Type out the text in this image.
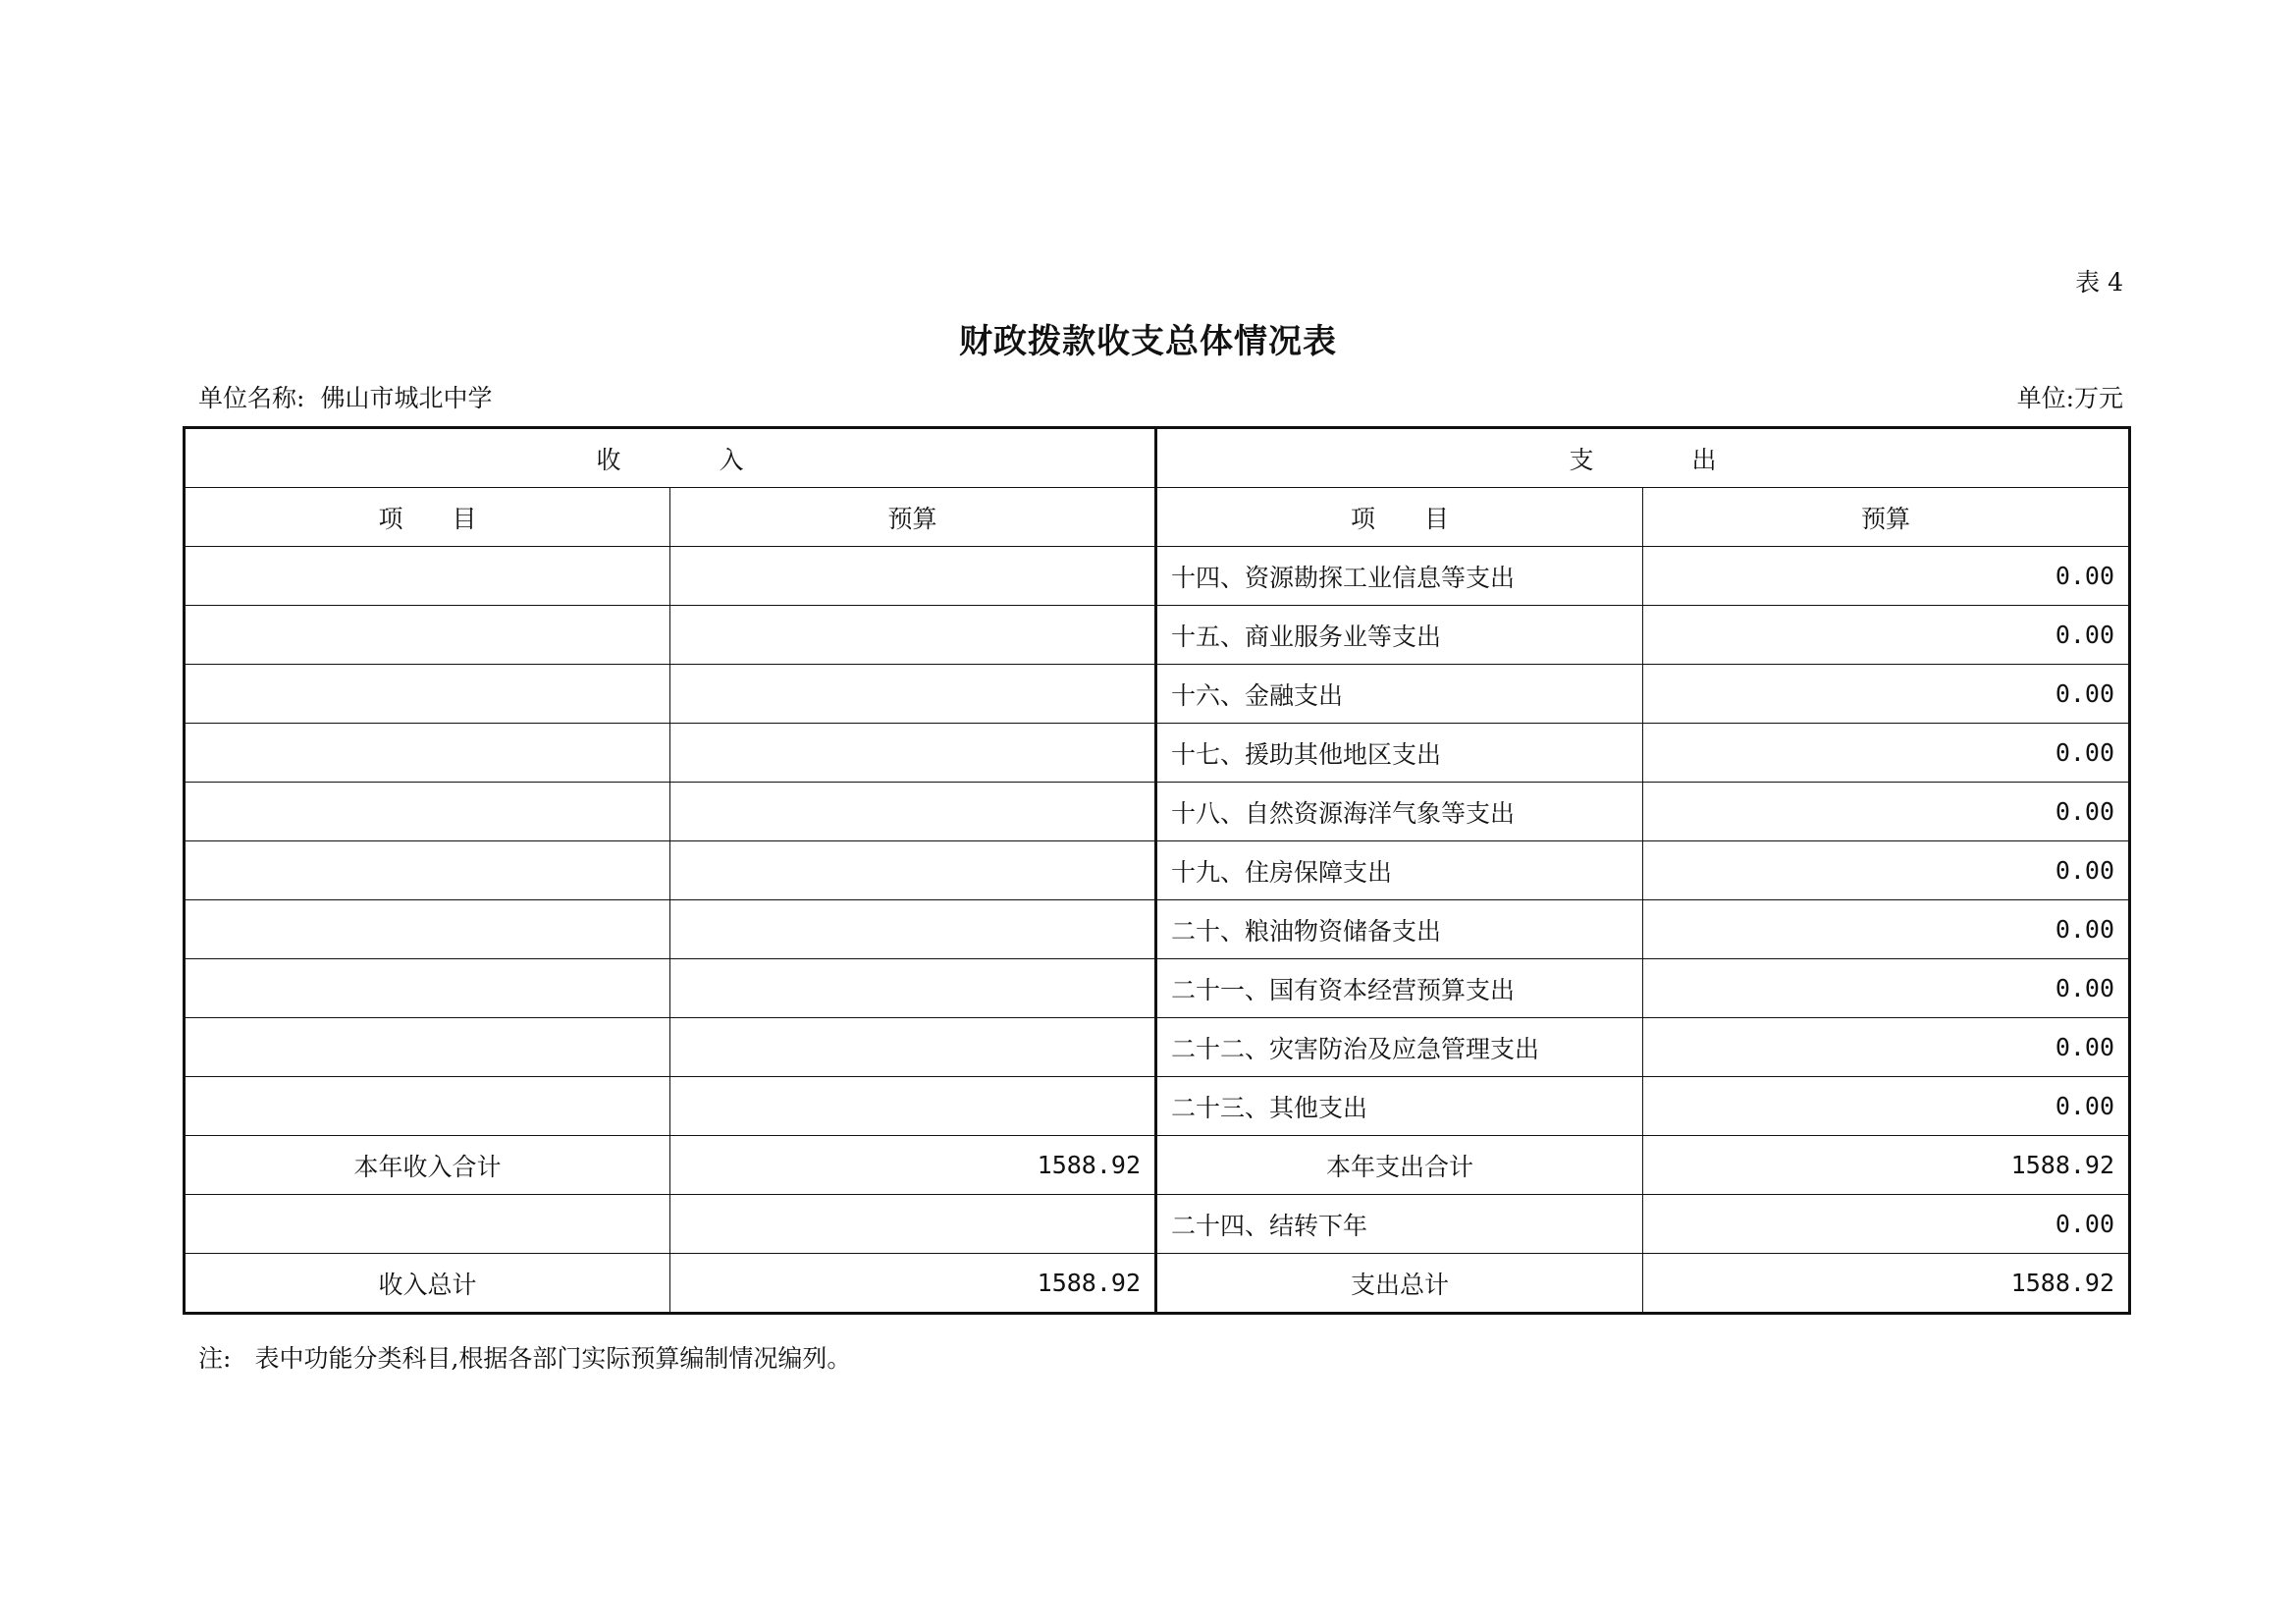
表 4
财政拨款收支总体情况表
单位名称: 佛山市城北中学	单位:万元
收　　　　入		支　　　　出	
项　　目	预算	项　　目	预算
		十四、资源勘探工业信息等支出	0.00
		十五、商业服务业等支出	0.00
		十六、金融支出	0.00
		十七、援助其他地区支出	0.00
		十八、自然资源海洋气象等支出	0.00
		十九、住房保障支出	0.00
		二十、粮油物资储备支出	0.00
		二十一、国有资本经营预算支出	0.00
		二十二、灾害防治及应急管理支出	0.00
		二十三、其他支出	0.00
本年收入合计	1588.92	本年支出合计	1588.92
		二十四、结转下年	0.00
收入总计	1588.92	支出总计	1588.92
注: 表中功能分类科目,根据各部门实际预算编制情况编列。
